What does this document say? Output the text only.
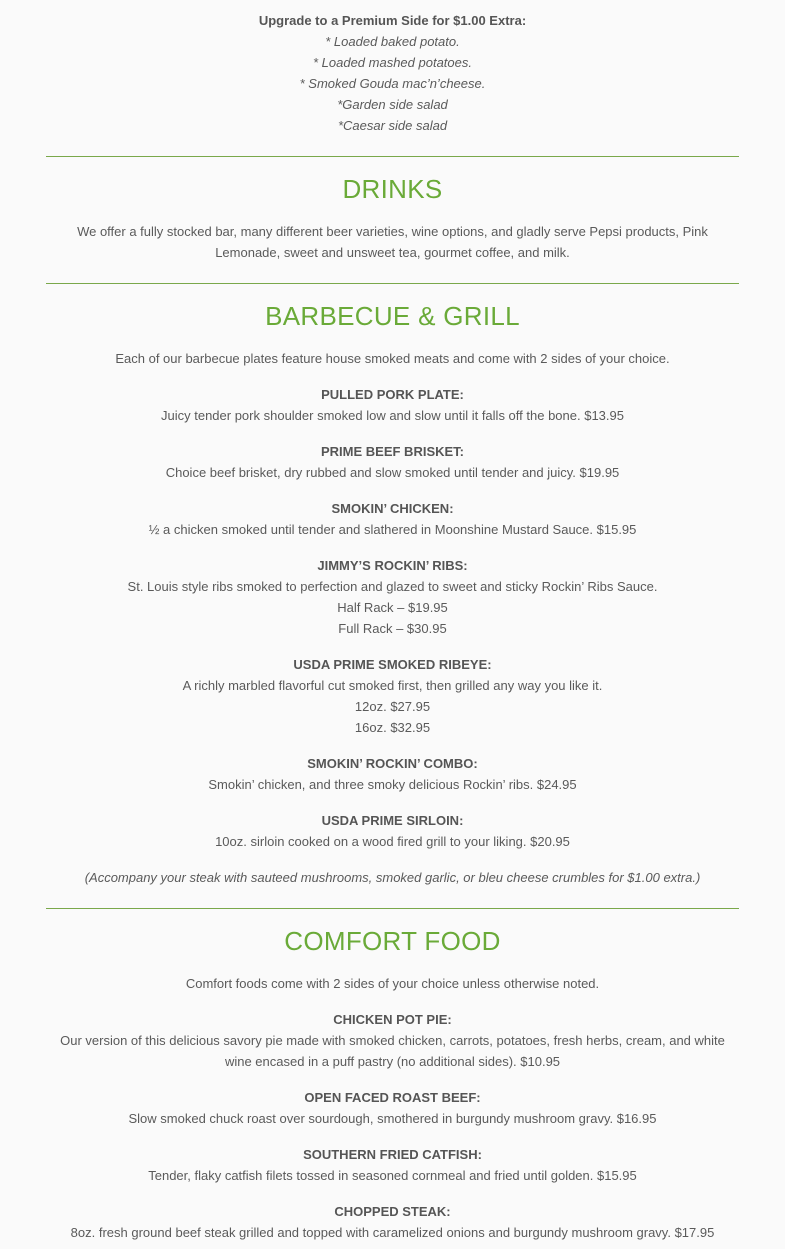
Upgrade to a Premium Side for $1.00 Extra:

* Loaded baked potato.

* Loaded mashed potatoes.

* Smoked Gouda mac’n’cheese.

*Garden side salad

*Caesar side salad

DRINKS

We offer a fully stocked bar, many different beer varieties, wine options, and gladly serve Pepsi products, Pink Lemonade, sweet and unsweet tea, gourmet coffee, and milk.

BARBECUE & GRILL

Each of our barbecue plates feature house smoked meats and come with 2 sides of your choice.

PULLED PORK PLATE:

Juicy tender pork shoulder smoked low and slow until it falls off the bone. $13.95

PRIME BEEF BRISKET:

Choice beef brisket, dry rubbed and slow smoked until tender and juicy. $19.95

SMOKIN’ CHICKEN:

½ a chicken smoked until tender and slathered in Moonshine Mustard Sauce. $15.95

JIMMY’S ROCKIN’ RIBS:

St. Louis style ribs smoked to perfection and glazed to sweet and sticky Rockin’ Ribs Sauce.

Half Rack – $19.95

Full Rack – $30.95

USDA PRIME SMOKED RIBEYE:

A richly marbled flavorful cut smoked first, then grilled any way you like it.

12oz. $27.95

16oz. $32.95

SMOKIN’ ROCKIN’ COMBO:

Smokin’ chicken, and three smoky delicious Rockin’ ribs. $24.95

USDA PRIME SIRLOIN:

10oz. sirloin cooked on a wood fired grill to your liking. $20.95

(Accompany your steak with sauteed mushrooms, smoked garlic, or bleu cheese crumbles for $1.00 extra.)

COMFORT FOOD

Comfort foods come with 2 sides of your choice unless otherwise noted.

CHICKEN POT PIE:

Our version of this delicious savory pie made with smoked chicken, carrots, potatoes, fresh herbs, cream, and white wine encased in a puff pastry (no additional sides). $10.95

OPEN FACED ROAST BEEF:

Slow smoked chuck roast over sourdough, smothered in burgundy mushroom gravy. $16.95

SOUTHERN FRIED CATFISH:

Tender, flaky catfish filets tossed in seasoned cornmeal and fried until golden. $15.95

CHOPPED STEAK:

8oz. fresh ground beef steak grilled and topped with caramelized onions and burgundy mushroom gravy. $17.95
